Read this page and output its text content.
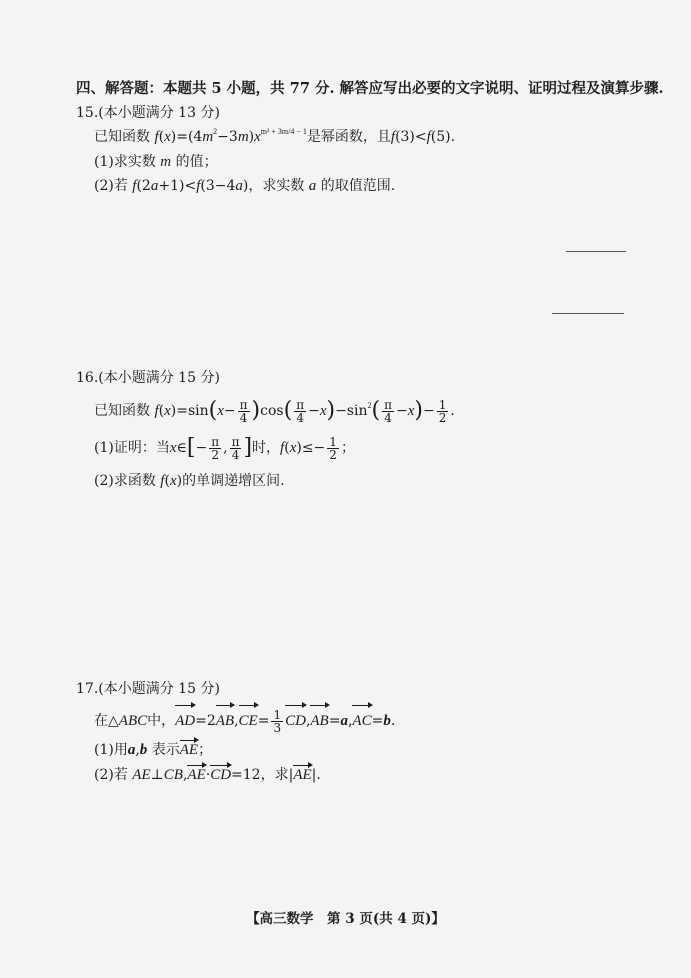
四、解答题：本题共 5 小题，共 77 分. 解答应写出必要的文字说明、证明过程及演算步骤.
15.(本小题满分 13 分)
已知函数 $f(x)=(4m^2-3m)x^{m^2 + 3m/4 - 1}$是幂函数，且f(3)<f(5).
(1)求实数 m 的值；
(2)若 f(2a+1)<f(3−4a)，求实数 a 的取值范围.
16.(本小题满分 15 分)
已知函数 $f(x)=\sin(x- \frac{\pi}{4} )\cos( \frac{\pi}{4} -x)-\sin^2( \frac{\pi}{4} -x)- \frac{1}{2}$ .
(1)证明：当x∈[− $\frac{\pi}{2}$ , $\frac{\pi}{4}$ ]时，$f(x)\le- \frac{1}{2}$ ；
(2)求函数 f(x)的单调递增区间.
17.(本小题满分 15 分)
在△ABC中，$AD=2AB,CE= \frac{1}{3} CD,AB=a,AC=b$.
(1)用a,b 表示AE；
(2)若 AE⊥CB,AE·CD=12，求|AE|.
【高三数学　第 3 页(共 4 页)】
